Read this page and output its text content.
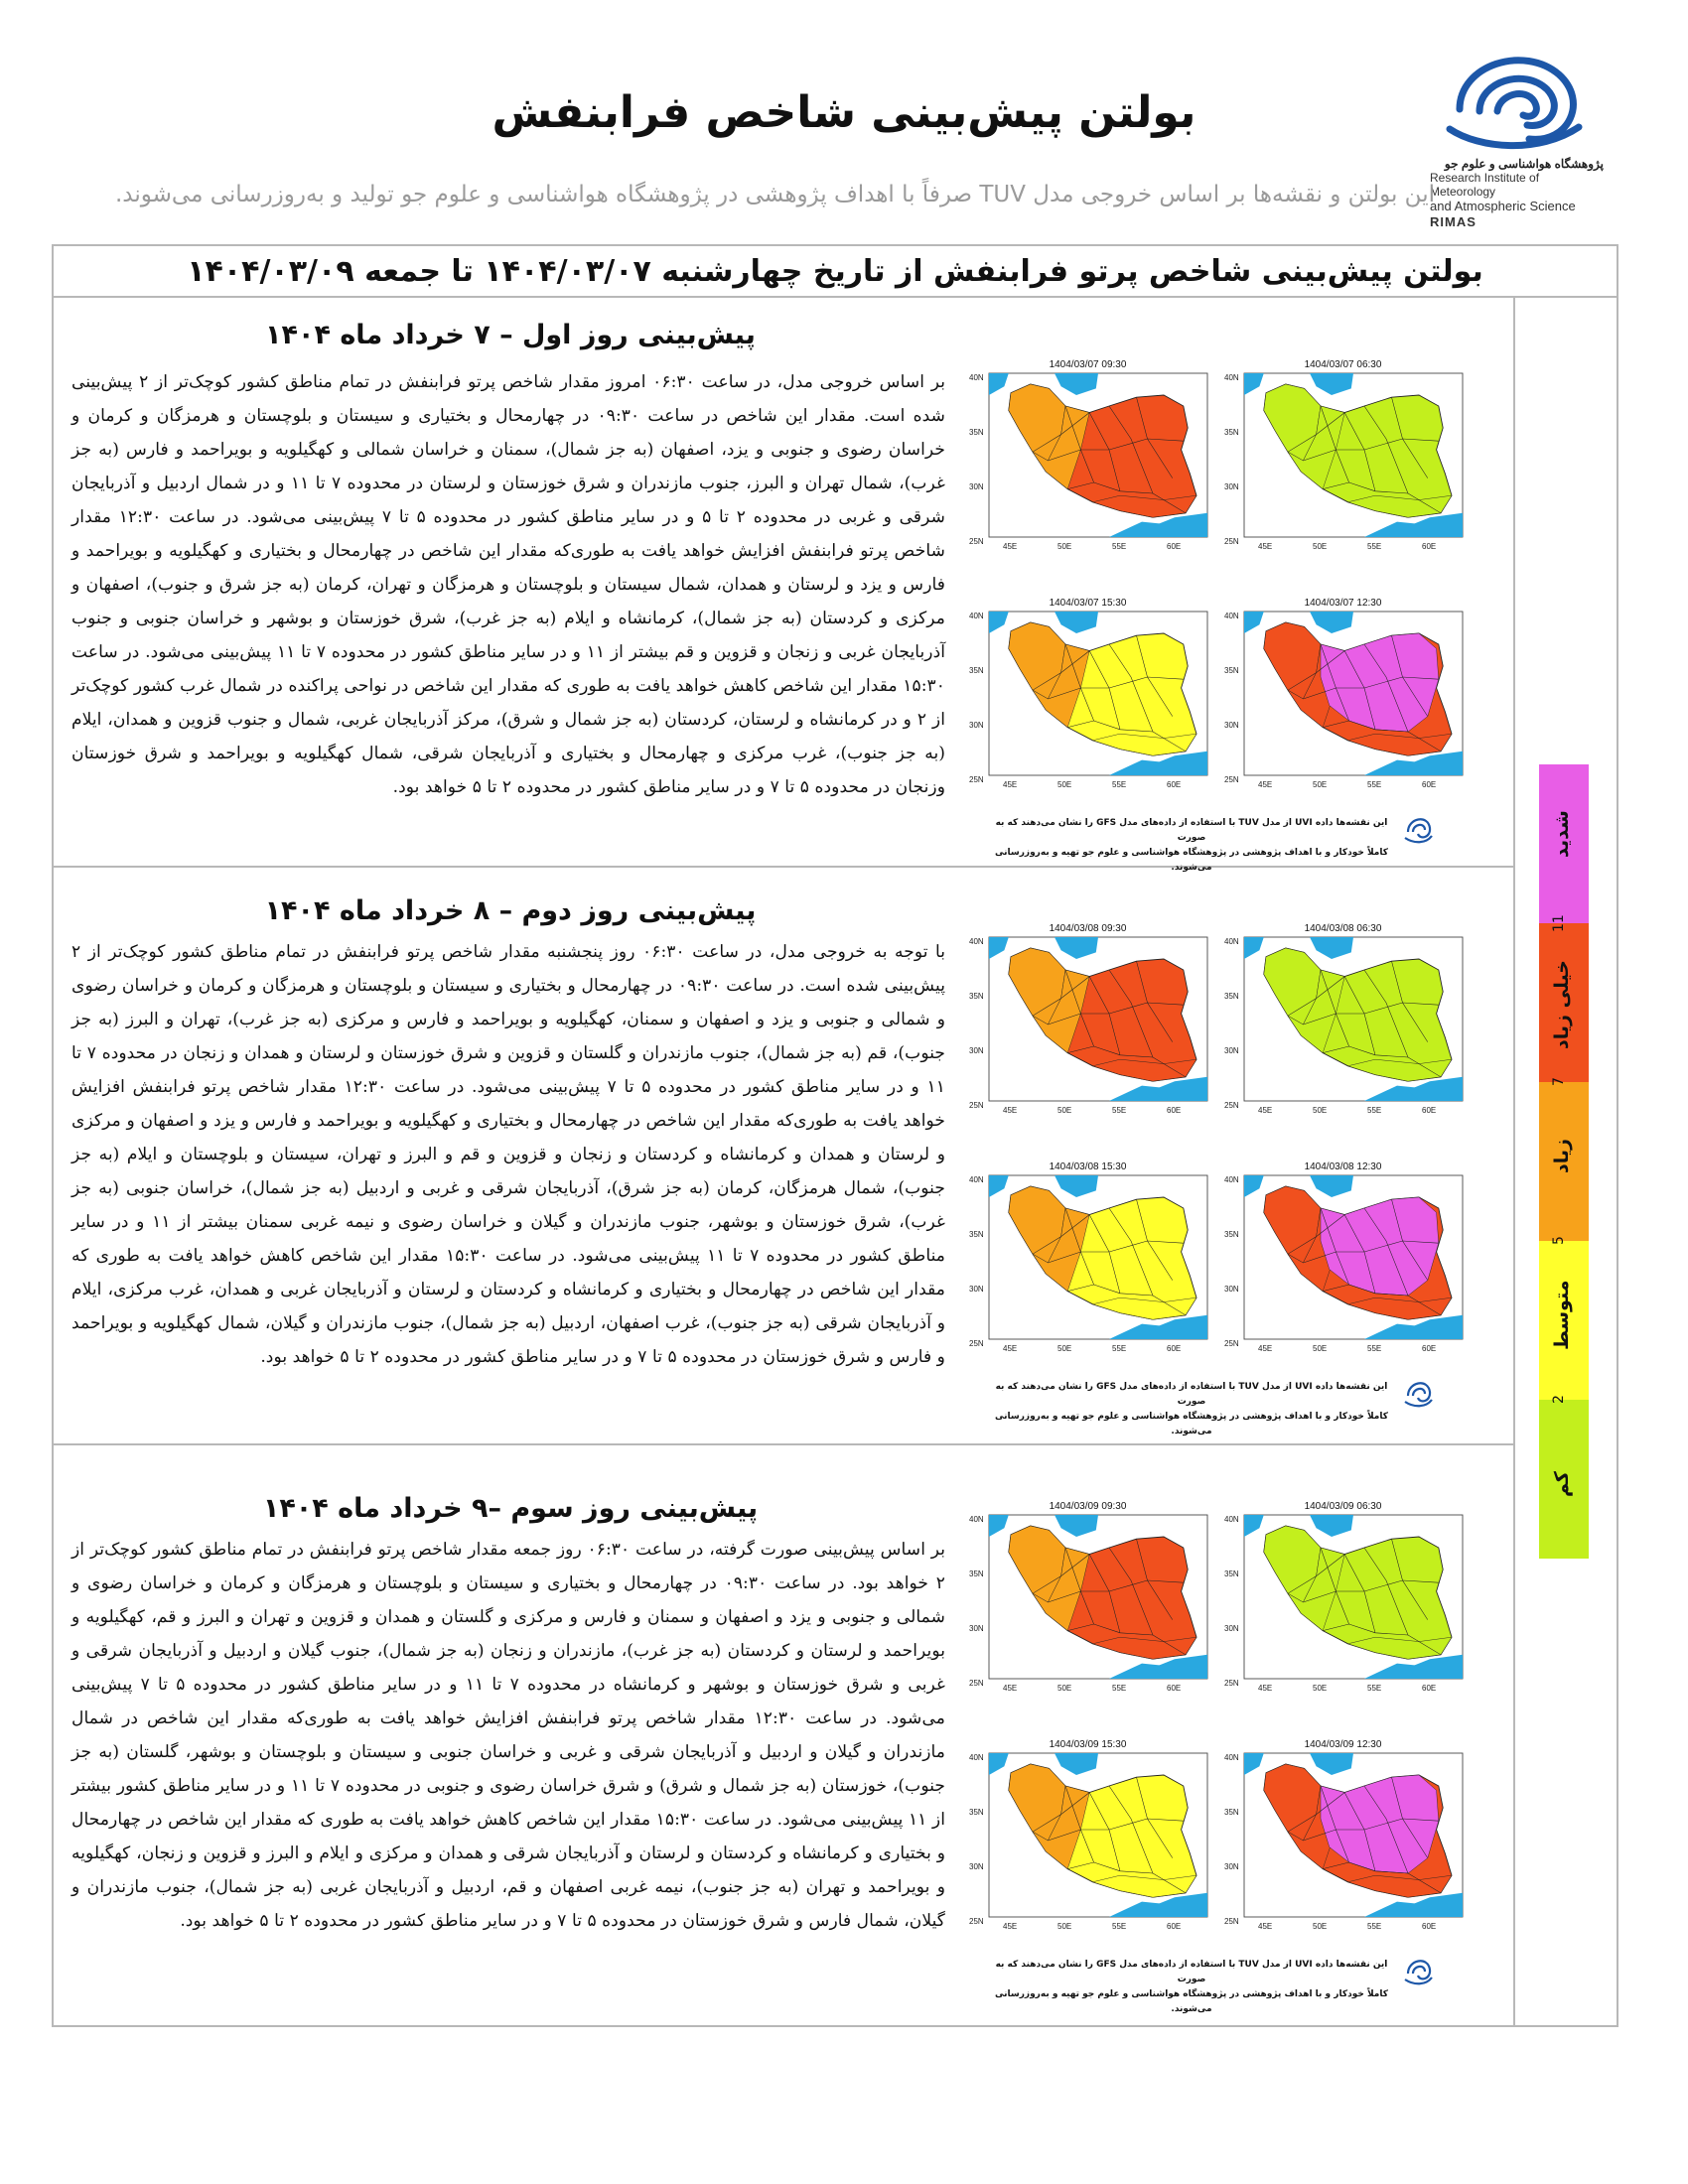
پژوهشگاه هواشناسی و علوم جو
Research Institute of Meteorology
and Atmospheric Science RIMAS
بولتن پیش‌بینی شاخص فرابنفش
این بولتن و نقشه‌ها بر اساس خروجی مدل TUV صرفاً با اهداف پژوهشی در پژوهشگاه هواشناسی و علوم جو تولید و به‌روزرسانی می‌شوند.
بولتن پیش‌بینی شاخص پرتو فرابنفش از تاریخ چهارشنبه ۱۴۰۴/۰۳/۰۷ تا جمعه ۱۴۰۴/۰۳/۰۹
پیش‌بینی روز اول – ۷ خرداد ماه ۱۴۰۴
بر اساس خروجی مدل، در ساعت ۰۶:۳۰ امروز مقدار شاخص پرتو فرابنفش در تمام مناطق کشور کوچک‌تر از ۲ پیش‌بینی شده است. مقدار این شاخص در ساعت ۰۹:۳۰ در چهارمحال و بختیاری و سیستان و بلوچستان و هرمزگان و کرمان و خراسان رضوی و جنوبی و یزد، اصفهان (به جز شمال)، سمنان و خراسان شمالی و کهگیلویه و بویراحمد و فارس (به جز غرب)، شمال تهران و البرز، جنوب مازندران و شرق خوزستان و لرستان در محدوده ۷ تا ۱۱ و در شمال اردبیل و آذربایجان شرقی و غربی در محدوده ۲ تا ۵ و در سایر مناطق کشور در محدوده ۵ تا ۷ پیش‌بینی می‌شود. در ساعت ۱۲:۳۰ مقدار شاخص پرتو فرابنفش افزایش خواهد یافت به طوری‌که مقدار این شاخص در چهارمحال و بختیاری و کهگیلویه و بویراحمد و فارس و یزد و لرستان و همدان، شمال سیستان و بلوچستان و هرمزگان و تهران، کرمان (به جز شرق و جنوب)، اصفهان و مرکزی و کردستان (به جز شمال)، کرمانشاه و ایلام (به جز غرب)، شرق خوزستان و بوشهر و خراسان جنوبی و جنوب آذربایجان غربی و زنجان و قزوین و قم بیشتر از ۱۱ و در سایر مناطق کشور در محدوده ۷ تا ۱۱ پیش‌بینی می‌شود. در ساعت ۱۵:۳۰ مقدار این شاخص کاهش خواهد یافت به طوری که مقدار این شاخص در نواحی پراکنده در شمال غرب کشور کوچک‌تر از ۲ و در کرمانشاه و لرستان، کردستان (به جز شمال و شرق)، مرکز آذربایجان غربی، شمال و جنوب قزوین و همدان، ایلام (به جز جنوب)، غرب مرکزی و چهارمحال و بختیاری و آذربایجان شرقی، شمال کهگیلویه و بویراحمد و شرق خوزستان وزنجان در محدوده ۵ تا ۷ و در سایر مناطق کشور در محدوده ۲ تا ۵ خواهد بود.
پیش‌بینی روز دوم – ۸ خرداد ماه ۱۴۰۴
با توجه به خروجی مدل، در ساعت ۰۶:۳۰ روز پنجشنبه مقدار شاخص پرتو فرابنفش در تمام مناطق کشور کوچک‌تر از ۲ پیش‌بینی شده است. در ساعت ۰۹:۳۰ در چهارمحال و بختیاری و سیستان و بلوچستان و هرمزگان و کرمان و خراسان رضوی و شمالی و جنوبی و یزد و اصفهان و سمنان، کهگیلویه و بویراحمد و فارس و مرکزی (به جز غرب)، تهران و البرز (به جز جنوب)، قم (به جز شمال)، جنوب مازندران و گلستان و قزوین و شرق خوزستان و لرستان و همدان و زنجان در محدوده ۷ تا ۱۱ و در سایر مناطق کشور در محدوده ۵ تا ۷ پیش‌بینی می‌شود. در ساعت ۱۲:۳۰ مقدار شاخص پرتو فرابنفش افزایش خواهد یافت به طوری‌که مقدار این شاخص در چهارمحال و بختیاری و کهگیلویه و بویراحمد و فارس و یزد و اصفهان و مرکزی و لرستان و همدان و کرمانشاه و کردستان و زنجان و قزوین و قم و البرز و تهران، سیستان و بلوچستان و ایلام (به جز جنوب)، شمال هرمزگان، کرمان (به جز شرق)، آذربایجان شرقی و غربی و اردبیل (به جز شمال)، خراسان جنوبی (به جز غرب)، شرق خوزستان و بوشهر، جنوب مازندران و گیلان و خراسان رضوی و نیمه غربی سمنان بیشتر از ۱۱ و در سایر مناطق کشور در محدوده ۷ تا ۱۱ پیش‌بینی می‌شود. در ساعت ۱۵:۳۰ مقدار این شاخص کاهش خواهد یافت به طوری که مقدار این شاخص در چهارمحال و بختیاری و کرمانشاه و کردستان و لرستان و آذربایجان غربی و همدان، غرب مرکزی، ایلام و آذربایجان شرقی (به جز جنوب)، غرب اصفهان، اردبیل (به جز شمال)، جنوب مازندران و گیلان، شمال کهگیلویه و بویراحمد و فارس و شرق خوزستان در محدوده ۵ تا ۷ و در سایر مناطق کشور در محدوده ۲ تا ۵ خواهد بود.
پیش‌بینی روز سوم –۹ خرداد ماه ۱۴۰۴
بر اساس پیش‌بینی صورت گرفته، در ساعت ۰۶:۳۰ روز جمعه مقدار شاخص پرتو فرابنفش در تمام مناطق کشور کوچک‌تر از ۲ خواهد بود. در ساعت ۰۹:۳۰ در چهارمحال و بختیاری و سیستان و بلوچستان و هرمزگان و کرمان و خراسان رضوی و شمالی و جنوبی و یزد و اصفهان و سمنان و فارس و مرکزی و گلستان و همدان و قزوین و تهران و البرز و قم، کهگیلویه و بویراحمد و لرستان و کردستان (به جز غرب)، مازندران و زنجان (به جز شمال)، جنوب گیلان و اردبیل و آذربایجان شرقی و غربی و شرق خوزستان و بوشهر و کرمانشاه در محدوده ۷ تا ۱۱ و در سایر مناطق کشور در محدوده ۵ تا ۷ پیش‌بینی می‌شود. در ساعت ۱۲:۳۰ مقدار شاخص پرتو فرابنفش افزایش خواهد یافت به طوری‌که مقدار این شاخص در شمال مازندران و گیلان و اردبیل و آذربایجان شرقی و غربی و خراسان جنوبی و سیستان و بلوچستان و بوشهر، گلستان (به جز جنوب)، خوزستان (به جز شمال و شرق) و شرق خراسان رضوی و جنوبی در محدوده ۷ تا ۱۱ و در سایر مناطق کشور بیشتر از ۱۱ پیش‌بینی می‌شود. در ساعت ۱۵:۳۰ مقدار این شاخص کاهش خواهد یافت به طوری که مقدار این شاخص در چهارمحال و بختیاری و کرمانشاه و کردستان و لرستان و آذربایجان شرقی و همدان و مرکزی و ایلام و البرز و قزوین و زنجان، کهگیلویه و بویراحمد و تهران (به جز جنوب)، نیمه غربی اصفهان و قم، اردبیل و آذربایجان غربی (به جز شمال)، جنوب مازندران و گیلان، شمال فارس و شرق خوزستان در محدوده ۵ تا ۷ و در سایر مناطق کشور در محدوده ۲ تا ۵ خواهد بود.
1404/03/07 09:30
40N
35N
30N
25N
45E	50E	55E	60E
1404/03/07 06:30
40N
35N
30N
25N
45E	50E	55E	60E
1404/03/07 15:30
40N
35N
30N
25N
45E	50E	55E	60E
1404/03/07 12:30
40N
35N
30N
25N
45E	50E	55E	60E
این نقشه‌ها داده UVI از مدل TUV با استفاده از داده‌های مدل GFS را نشان می‌دهند که به صورت
کاملاً خودکار و با اهداف پژوهشی در پژوهشگاه هواشناسی و علوم جو تهیه و به‌روزرسانی می‌شوند.
1404/03/08 09:30
40N
35N
30N
25N
45E	50E	55E	60E
1404/03/08 06:30
40N
35N
30N
25N
45E	50E	55E	60E
1404/03/08 15:30
40N
35N
30N
25N
45E	50E	55E	60E
1404/03/08 12:30
40N
35N
30N
25N
45E	50E	55E	60E
این نقشه‌ها داده UVI از مدل TUV با استفاده از داده‌های مدل GFS را نشان می‌دهند که به صورت
کاملاً خودکار و با اهداف پژوهشی در پژوهشگاه هواشناسی و علوم جو تهیه و به‌روزرسانی می‌شوند.
1404/03/09 09:30
40N
35N
30N
25N
45E	50E	55E	60E
1404/03/09 06:30
40N
35N
30N
25N
45E	50E	55E	60E
1404/03/09 15:30
40N
35N
30N
25N
45E	50E	55E	60E
1404/03/09 12:30
40N
35N
30N
25N
45E	50E	55E	60E
این نقشه‌ها داده UVI از مدل TUV با استفاده از داده‌های مدل GFS را نشان می‌دهند که به صورت
کاملاً خودکار و با اهداف پژوهشی در پژوهشگاه هواشناسی و علوم جو تهیه و به‌روزرسانی می‌شوند.
شدید
خیلی زیاد
زیاد
متوسط
کم
11
7
5
2
